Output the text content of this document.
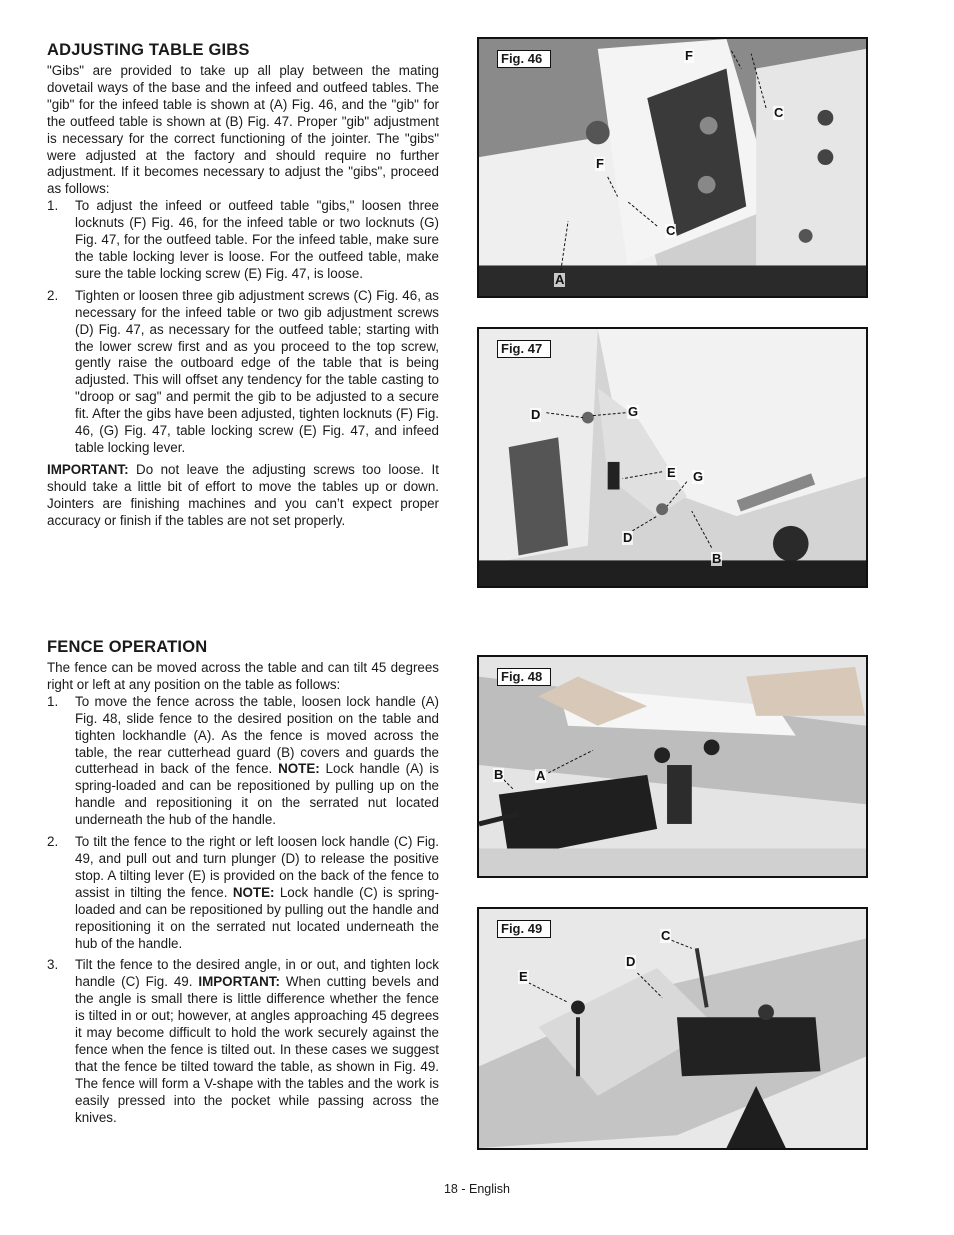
ADJUSTING TABLE GIBS

"Gibs" are provided to take up all play between the mating dovetail ways of the base and the infeed and outfeed tables. The "gib" for the infeed table is shown at (A) Fig. 46, and the "gib" for the outfeed table is shown at (B) Fig. 47. Proper "gib" adjustment is necessary for the correct functioning of the jointer. The "gibs" were adjusted at the factory and should require no further adjustment. If it becomes necessary to adjust the "gibs", proceed as follows:

1. To adjust the infeed or outfeed table "gibs," loosen three locknuts (F) Fig. 46, for the infeed table or two locknuts (G) Fig. 47, for the outfeed table. For the infeed table, make sure the table locking lever is loose. For the outfeed table, make sure the table locking screw (E) Fig. 47, is loose.
2. Tighten or loosen three gib adjustment screws (C) Fig. 46, as necessary for the infeed table or two gib adjustment screws (D) Fig. 47, as necessary for the outfeed table; starting with the lower screw first and as you proceed to the top screw, gently raise the outboard edge of the table that is being adjusted. This will offset any tendency for the table casting to "droop or sag" and permit the gib to be adjusted to a secure fit. After the gibs have been adjusted, tighten locknuts (F) Fig. 46, (G) Fig. 47, table locking screw (E) Fig. 47, and infeed table locking lever.

IMPORTANT: Do not leave the adjusting screws too loose. It should take a little bit of effort to move the tables up or down. Jointers are finishing machines and you can’t expect proper accuracy or finish if the tables are not set properly.

FENCE OPERATION

The fence can be moved across the table and can tilt 45 degrees right or left at any position on the table as follows:

1. To move the fence across the table, loosen lock handle (A) Fig. 48, slide fence to the desired position on the table and tighten lockhandle (A). As the fence is moved across the table, the rear cutterhead guard (B) covers and guards the cutterhead in back of the fence. NOTE: Lock handle (A) is spring-loaded and can be repositioned by pulling up on the handle and repositioning it on the serrated nut located underneath the hub of the handle.
2. To tilt the fence to the right or left loosen lock handle (C) Fig. 49, and pull out and turn plunger (D) to release the positive stop. A tilting lever (E) is provided on the back of the fence to assist in tilting the fence. NOTE: Lock handle (C) is spring-loaded and can be repositioned by pulling out the handle and repositioning it on the serrated nut located underneath the hub of the handle.
3. Tilt the fence to the desired angle, in or out, and tighten lock handle (C) Fig. 49. IMPORTANT: When cutting bevels and the angle is small there is little difference whether the fence is tilted in or out; however, at angles approaching 45 degrees it may become difficult to hold the work securely against the fence when the fence is tilted out. In these cases we suggest that the fence be tilted toward the table, as shown in Fig. 49. The fence will form a V-shape with the tables and the work is easily pressed into the pocket while passing across the knives.
Fig. 46	F
C
F
C
A
Fig. 47
D	G
E G
D
B
Fig. 48
B	A
Fig. 49	C
D
E
18 - English
